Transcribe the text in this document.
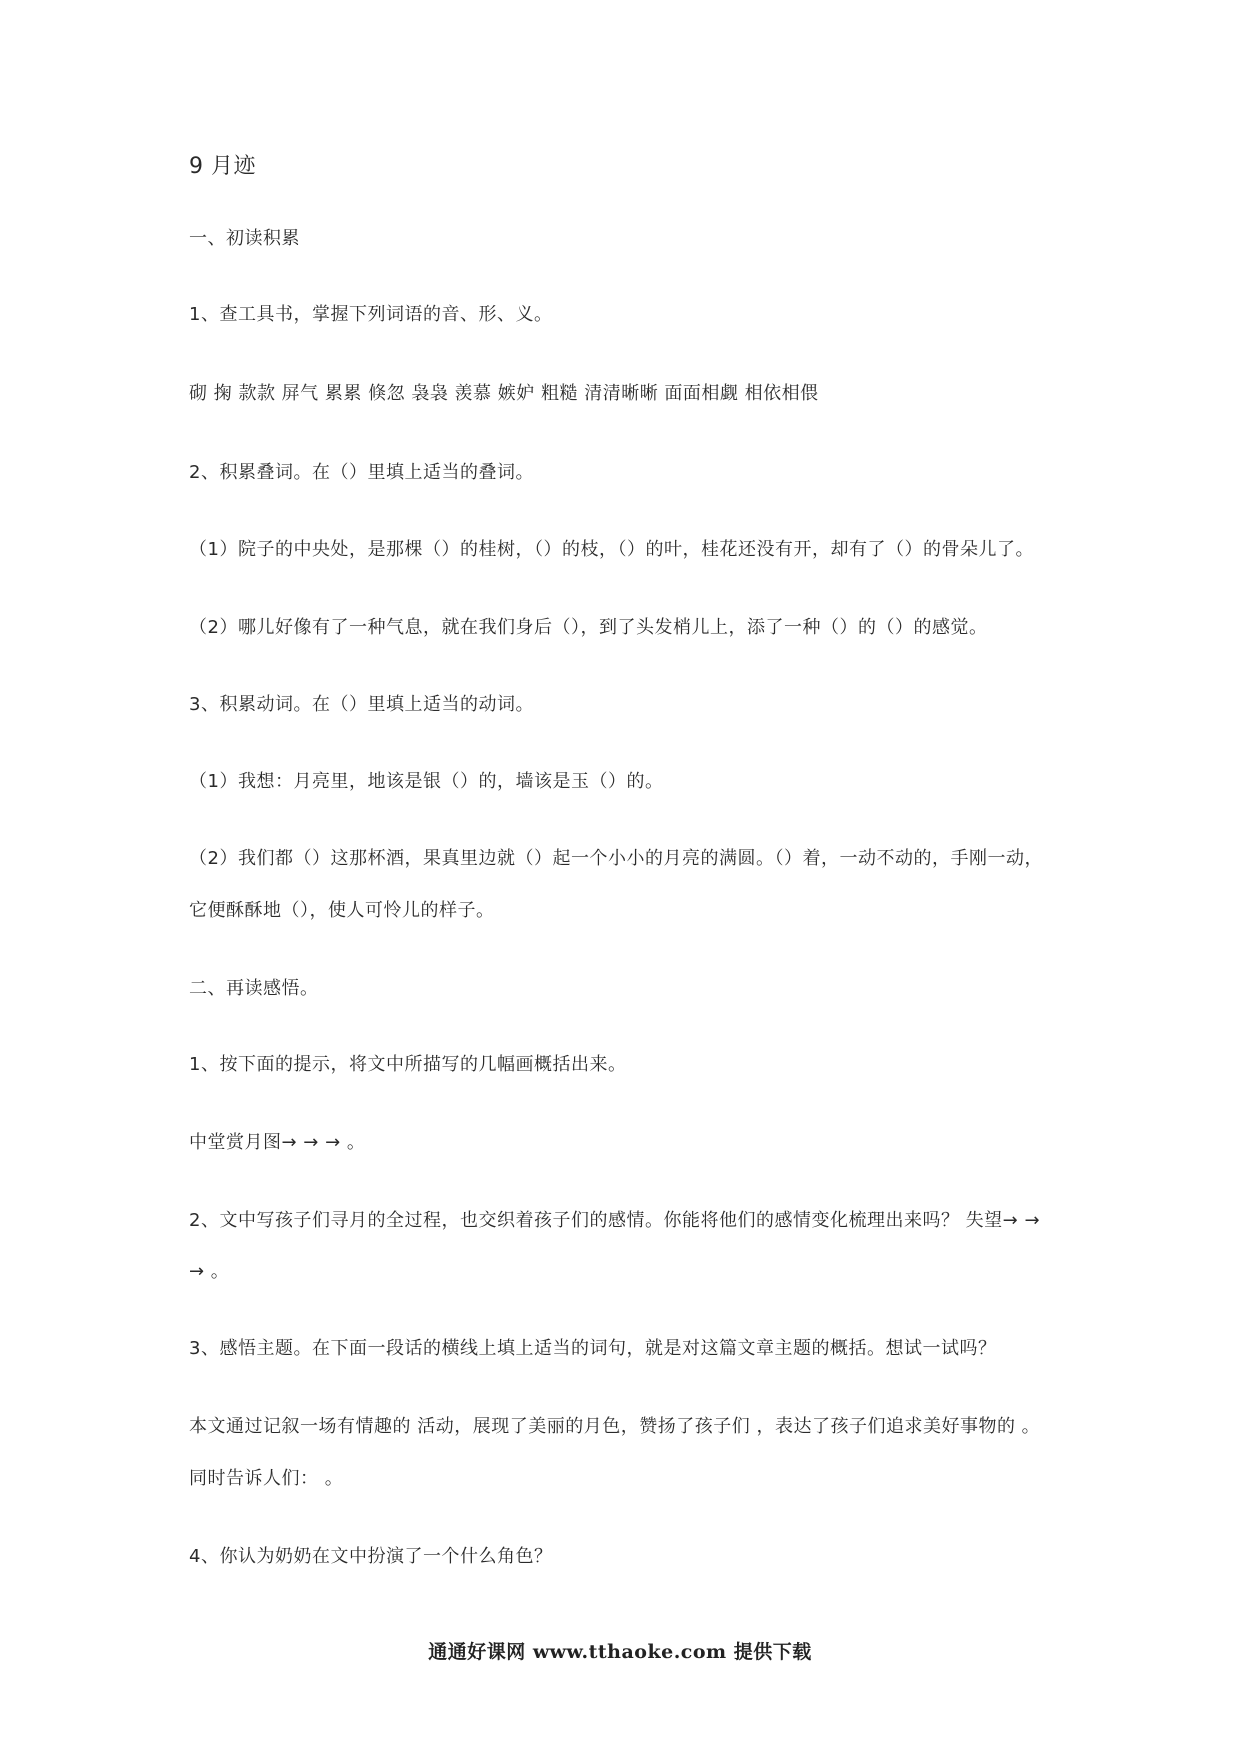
9 月迹
一、初读积累
1、查工具书，掌握下列词语的音、形、义。
砌 掬 款款 屏气 累累 倏忽 袅袅 羡慕 嫉妒 粗糙 清清晰晰 面面相觑 相依相偎
2、积累叠词。在（）里填上适当的叠词。
（1）院子的中央处，是那棵（）的桂树，（）的枝，（）的叶，桂花还没有开，却有了（）的骨朵儿了。
（2）哪儿好像有了一种气息，就在我们身后（），到了头发梢儿上，添了一种（）的（）的感觉。
3、积累动词。在（）里填上适当的动词。
（1）我想：月亮里，地该是银（）的，墙该是玉（）的。
（2）我们都（）这那杯酒，果真里边就（）起一个小小的月亮的满圆。（）着，一动不动的，手刚一动，
它便酥酥地（），使人可怜儿的样子。
二、再读感悟。
1、按下面的提示，将文中所描写的几幅画概括出来。
中堂赏月图→ → → 。
2、文中写孩子们寻月的全过程，也交织着孩子们的感情。你能将他们的感情变化梳理出来吗？ 失望→ →
→ 。
3、感悟主题。在下面一段话的横线上填上适当的词句，就是对这篇文章主题的概括。想试一试吗？
本文通过记叙一场有情趣的 活动，展现了美丽的月色，赞扬了孩子们 ，表达了孩子们追求美好事物的 。
同时告诉人们： 。
4、你认为奶奶在文中扮演了一个什么角色？
通通好课网 www.tthaoke.com 提供下载
